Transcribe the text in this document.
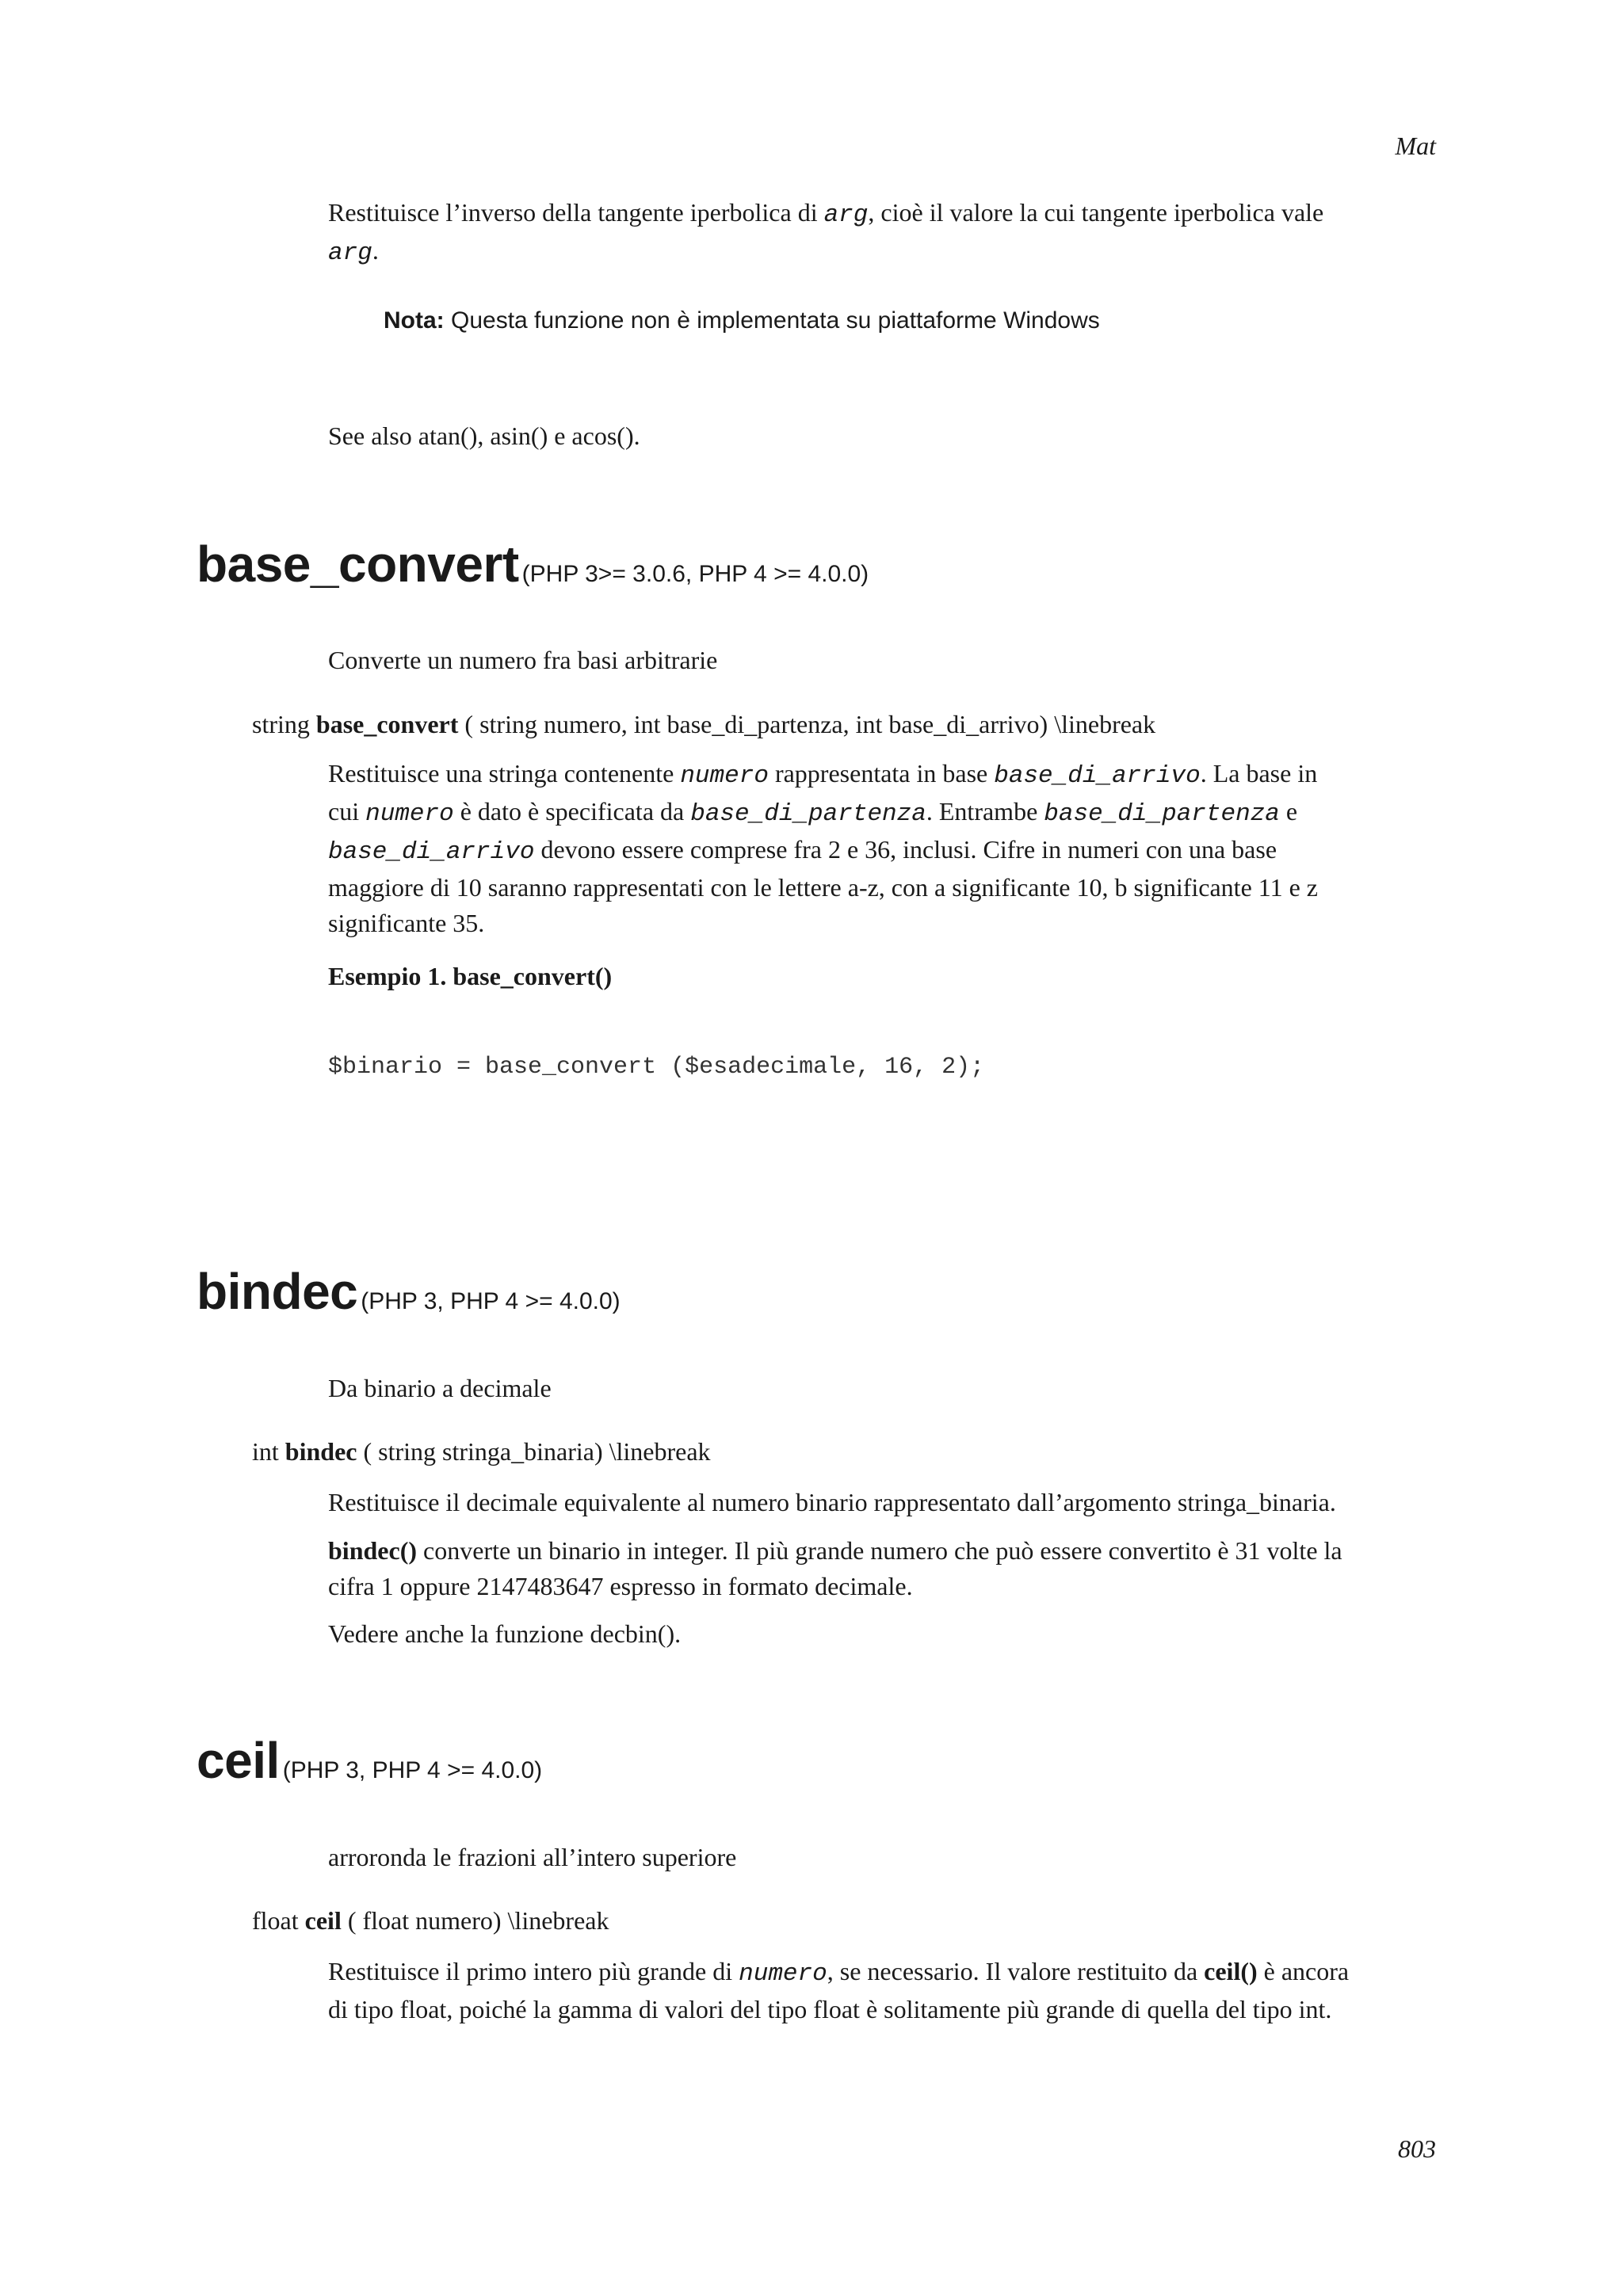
Mat
Restituisce l’inverso della tangente iperbolica di arg, cioè il valore la cui tangente iperbolica vale
arg.
Nota: Questa funzione non è implementata su piattaforme Windows
See also atan(), asin() e acos().
base_convert (PHP 3>= 3.0.6, PHP 4 >= 4.0.0)
Converte un numero fra basi arbitrarie
string base_convert ( string numero, int base_di_partenza, int base_di_arrivo) \linebreak
Restituisce una stringa contenente numero rappresentata in base base_di_arrivo. La base in
cui numero è dato è specificata da base_di_partenza. Entrambe base_di_partenza e
base_di_arrivo devono essere comprese fra 2 e 36, inclusi. Cifre in numeri con una base
maggiore di 10 saranno rappresentati con le lettere a-z, con a significante 10, b significante 11 e z
significante 35.
Esempio 1. base_convert()
$binario = base_convert ($esadecimale, 16, 2);
bindec (PHP 3, PHP 4 >= 4.0.0)
Da binario a decimale
int bindec ( string stringa_binaria) \linebreak
Restituisce il decimale equivalente al numero binario rappresentato dall’argomento stringa_binaria.
bindec() converte un binario in integer. Il più grande numero che può essere convertito è 31 volte la
cifra 1 oppure 2147483647 espresso in formato decimale.
Vedere anche la funzione decbin().
ceil (PHP 3, PHP 4 >= 4.0.0)
arroronda le frazioni all’intero superiore
float ceil ( float numero) \linebreak
Restituisce il primo intero più grande di numero, se necessario. Il valore restituito da ceil() è ancora
di tipo float, poiché la gamma di valori del tipo float è solitamente più grande di quella del tipo int.
803
